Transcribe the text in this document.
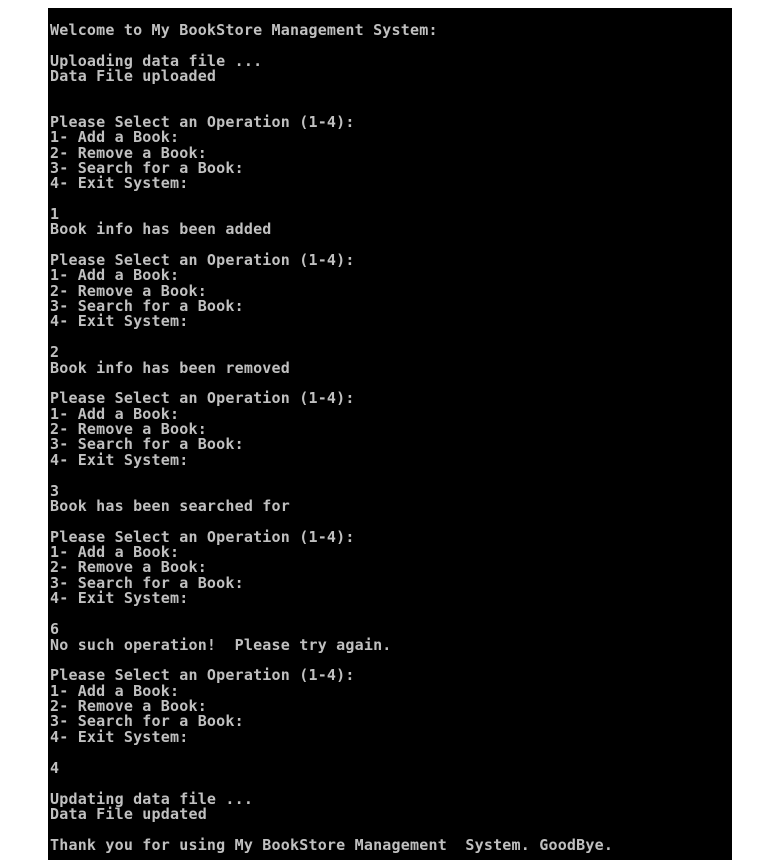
Welcome to My BookStore Management System:
Uploading data file ...
Data File uploaded
Please Select an Operation (1-4):
1- Add a Book:
2- Remove a Book:
3- Search for a Book:
4- Exit System:
1
Book info has been added
Please Select an Operation (1-4):
1- Add a Book:
2- Remove a Book:
3- Search for a Book:
4- Exit System:
2
Book info has been removed
Please Select an Operation (1-4):
1- Add a Book:
2- Remove a Book:
3- Search for a Book:
4- Exit System:
3
Book has been searched for
Please Select an Operation (1-4):
1- Add a Book:
2- Remove a Book:
3- Search for a Book:
4- Exit System:
6
No such operation!  Please try again.
Please Select an Operation (1-4):
1- Add a Book:
2- Remove a Book:
3- Search for a Book:
4- Exit System:
4
Updating data file ...
Data File updated
Thank you for using My BookStore Management  System. GoodBye.
